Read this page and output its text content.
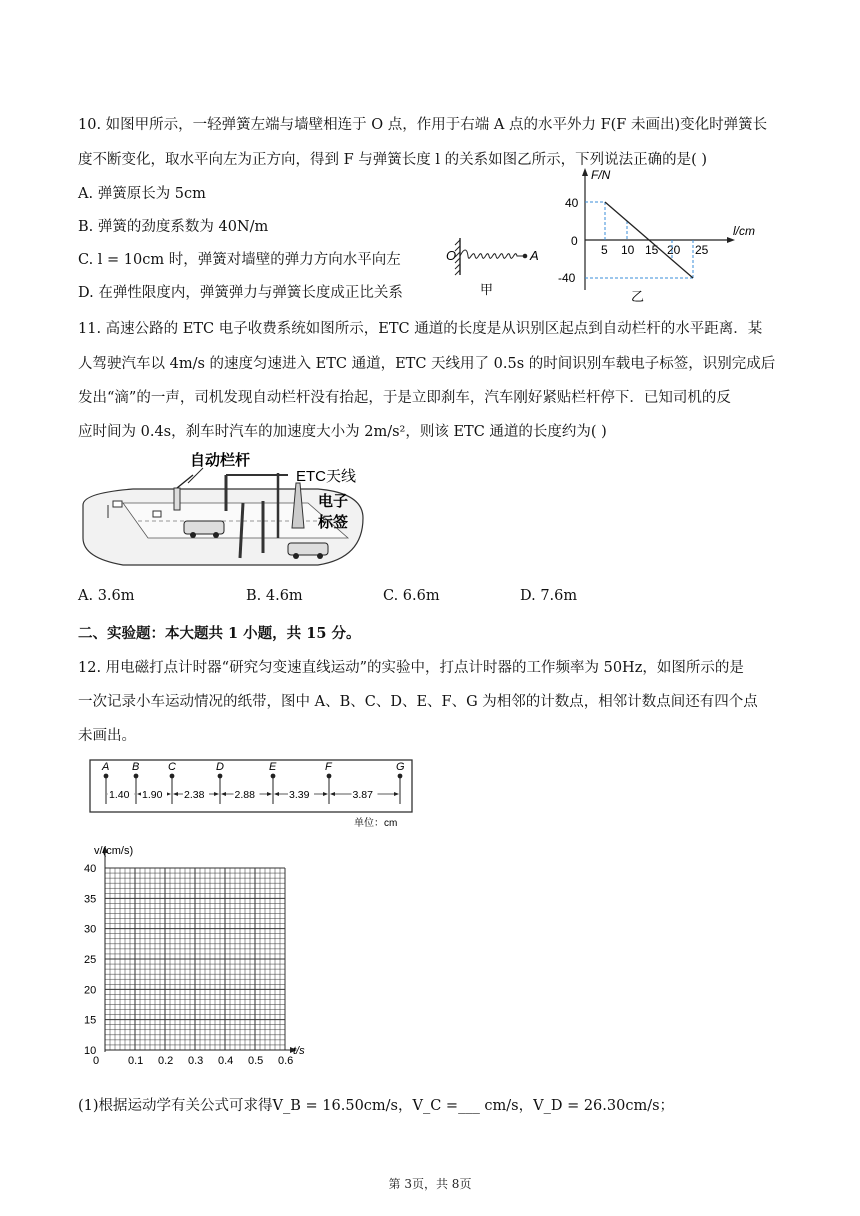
10. 如图甲所示，一轻弹簧左端与墙壁相连于 O 点，作用于右端 A 点的水平外力 F(F 未画出)变化时弹簧长
度不断变化，取水平向左为正方向，得到 F 与弹簧长度 l 的关系如图乙所示，下列说法正确的是( )
A. 弹簧原长为 5cm
B. 弹簧的劲度系数为 40N/m
C. l = 10cm 时，弹簧对墙壁的弹力方向水平向左
D. 在弹性限度内，弹簧弹力与弹簧长度成正比关系
O	A
甲
F/N
l/cm
40
0
-40
5 10 15 20 25
乙
11. 高速公路的 ETC 电子收费系统如图所示，ETC 通道的长度是从识别区起点到自动栏杆的水平距离．某
人驾驶汽车以 4m/s 的速度匀速进入 ETC 通道，ETC 天线用了 0.5s 的时间识别车载电子标签，识别完成后
发出“滴”的一声，司机发现自动栏杆没有抬起，于是立即刹车，汽车刚好紧贴栏杆停下．已知司机的反
应时间为 0.4s，刹车时汽车的加速度大小为 2m/s²，则该 ETC 通道的长度约为( )
自动栏杆
ETC天线
电子
标签
A. 3.6m	B. 4.6m	C. 6.6m	D. 7.6m
二、实验题：本大题共 1 小题，共 15 分。
12. 用电磁打点计时器“研究匀变速直线运动”的实验中，打点计时器的工作频率为 50Hz，如图所示的是
一次记录小车运动情况的纸带，图中 A、B、C、D、E、F、G 为相邻的计数点，相邻计数点间还有四个点
未画出。
单位：cm
A B	C	D	E	F	G
1.40 1.90 2.38	2.88	3.39	3.87
v/(cm/s)
t/s
10
15
20
25
30
35
40
0	0.1 0.2 0.3 0.4 0.5 0.6
(1)根据运动学有关公式可求得V_B = 16.50cm/s，V_C =___ cm/s，V_D = 26.30cm/s；
第 3页，共 8页
